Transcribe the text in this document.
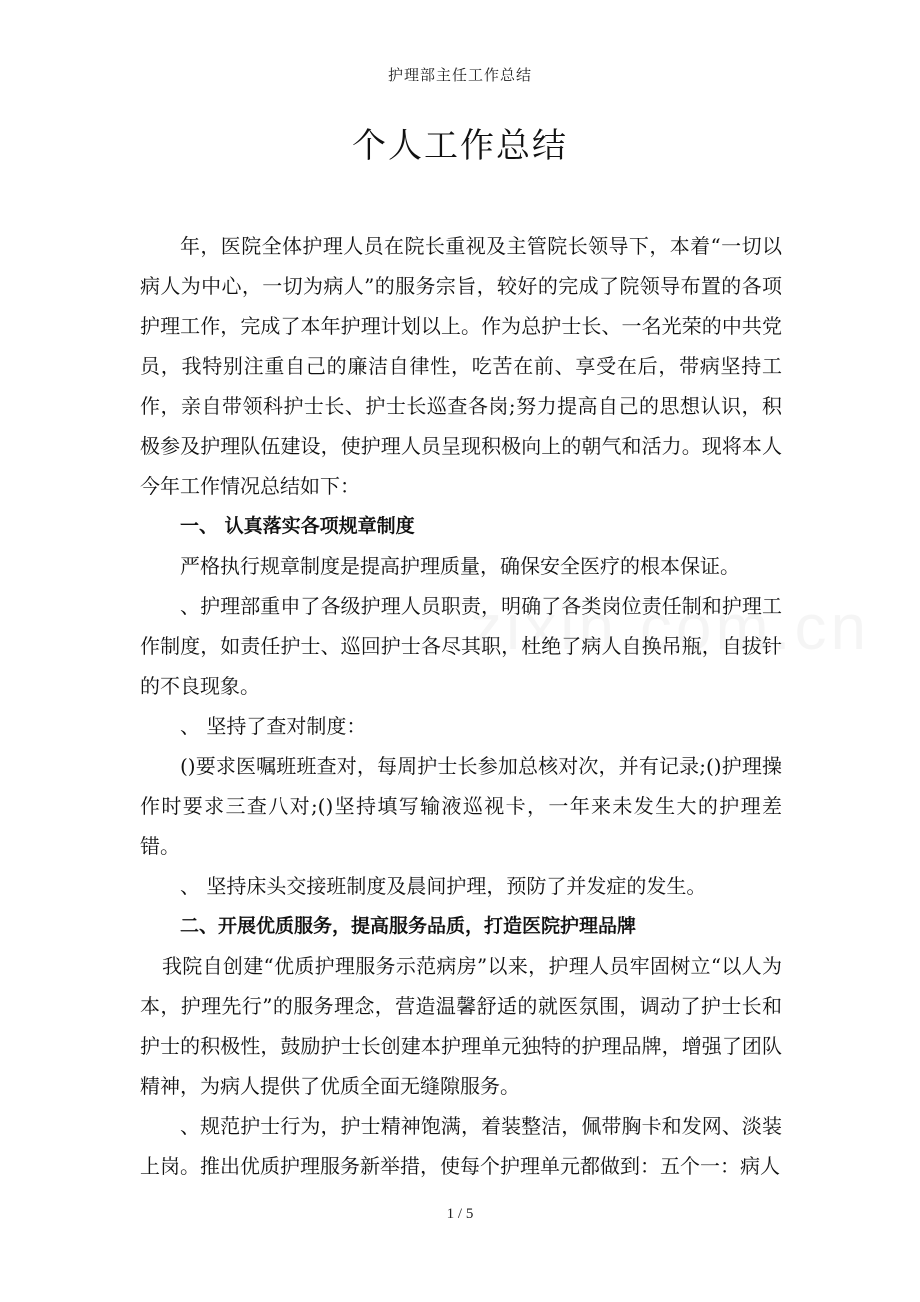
护理部主任工作总结
个人工作总结

年，医院全体护理人员在院长重视及主管院长领导下，本着“一切以病人为中心，一切为病人”的服务宗旨，较好的完成了院领导布置的各项护理工作，完成了本年护理计划以上。作为总护士长、一名光荣的中共党员，我特别注重自己的廉洁自律性，吃苦在前、享受在后，带病坚持工作，亲自带领科护士长、护士长巡查各岗;努力提高自己的思想认识，积极参及护理队伍建设，使护理人员呈现积极向上的朝气和活力。现将本人今年工作情况总结如下：

一、 认真落实各项规章制度

严格执行规章制度是提高护理质量，确保安全医疗的根本保证。

、护理部重申了各级护理人员职责，明确了各类岗位责任制和护理工作制度，如责任护士、巡回护士各尽其职，杜绝了病人自换吊瓶，自拔针的不良现象。

、 坚持了查对制度：

()要求医嘱班班查对，每周护士长参加总核对次，并有记录;()护理操作时要求三查八对;()坚持填写输液巡视卡，一年来未发生大的护理差错。

、 坚持床头交接班制度及晨间护理，预防了并发症的发生。

二、开展优质服务，提高服务品质，打造医院护理品牌

我院自创建“优质护理服务示范病房”以来，护理人员牢固树立“以人为本，护理先行”的服务理念，营造温馨舒适的就医氛围，调动了护士长和护士的积极性，鼓励护士长创建本护理单元独特的护理品牌，增强了团队精神，为病人提供了优质全面无缝隙服务。

、规范护士行为，护士精神饱满，着装整洁，佩带胸卡和发网、淡装上岗。推出优质护理服务新举措，使每个护理单元都做到：五个一：病人

1 / 5
